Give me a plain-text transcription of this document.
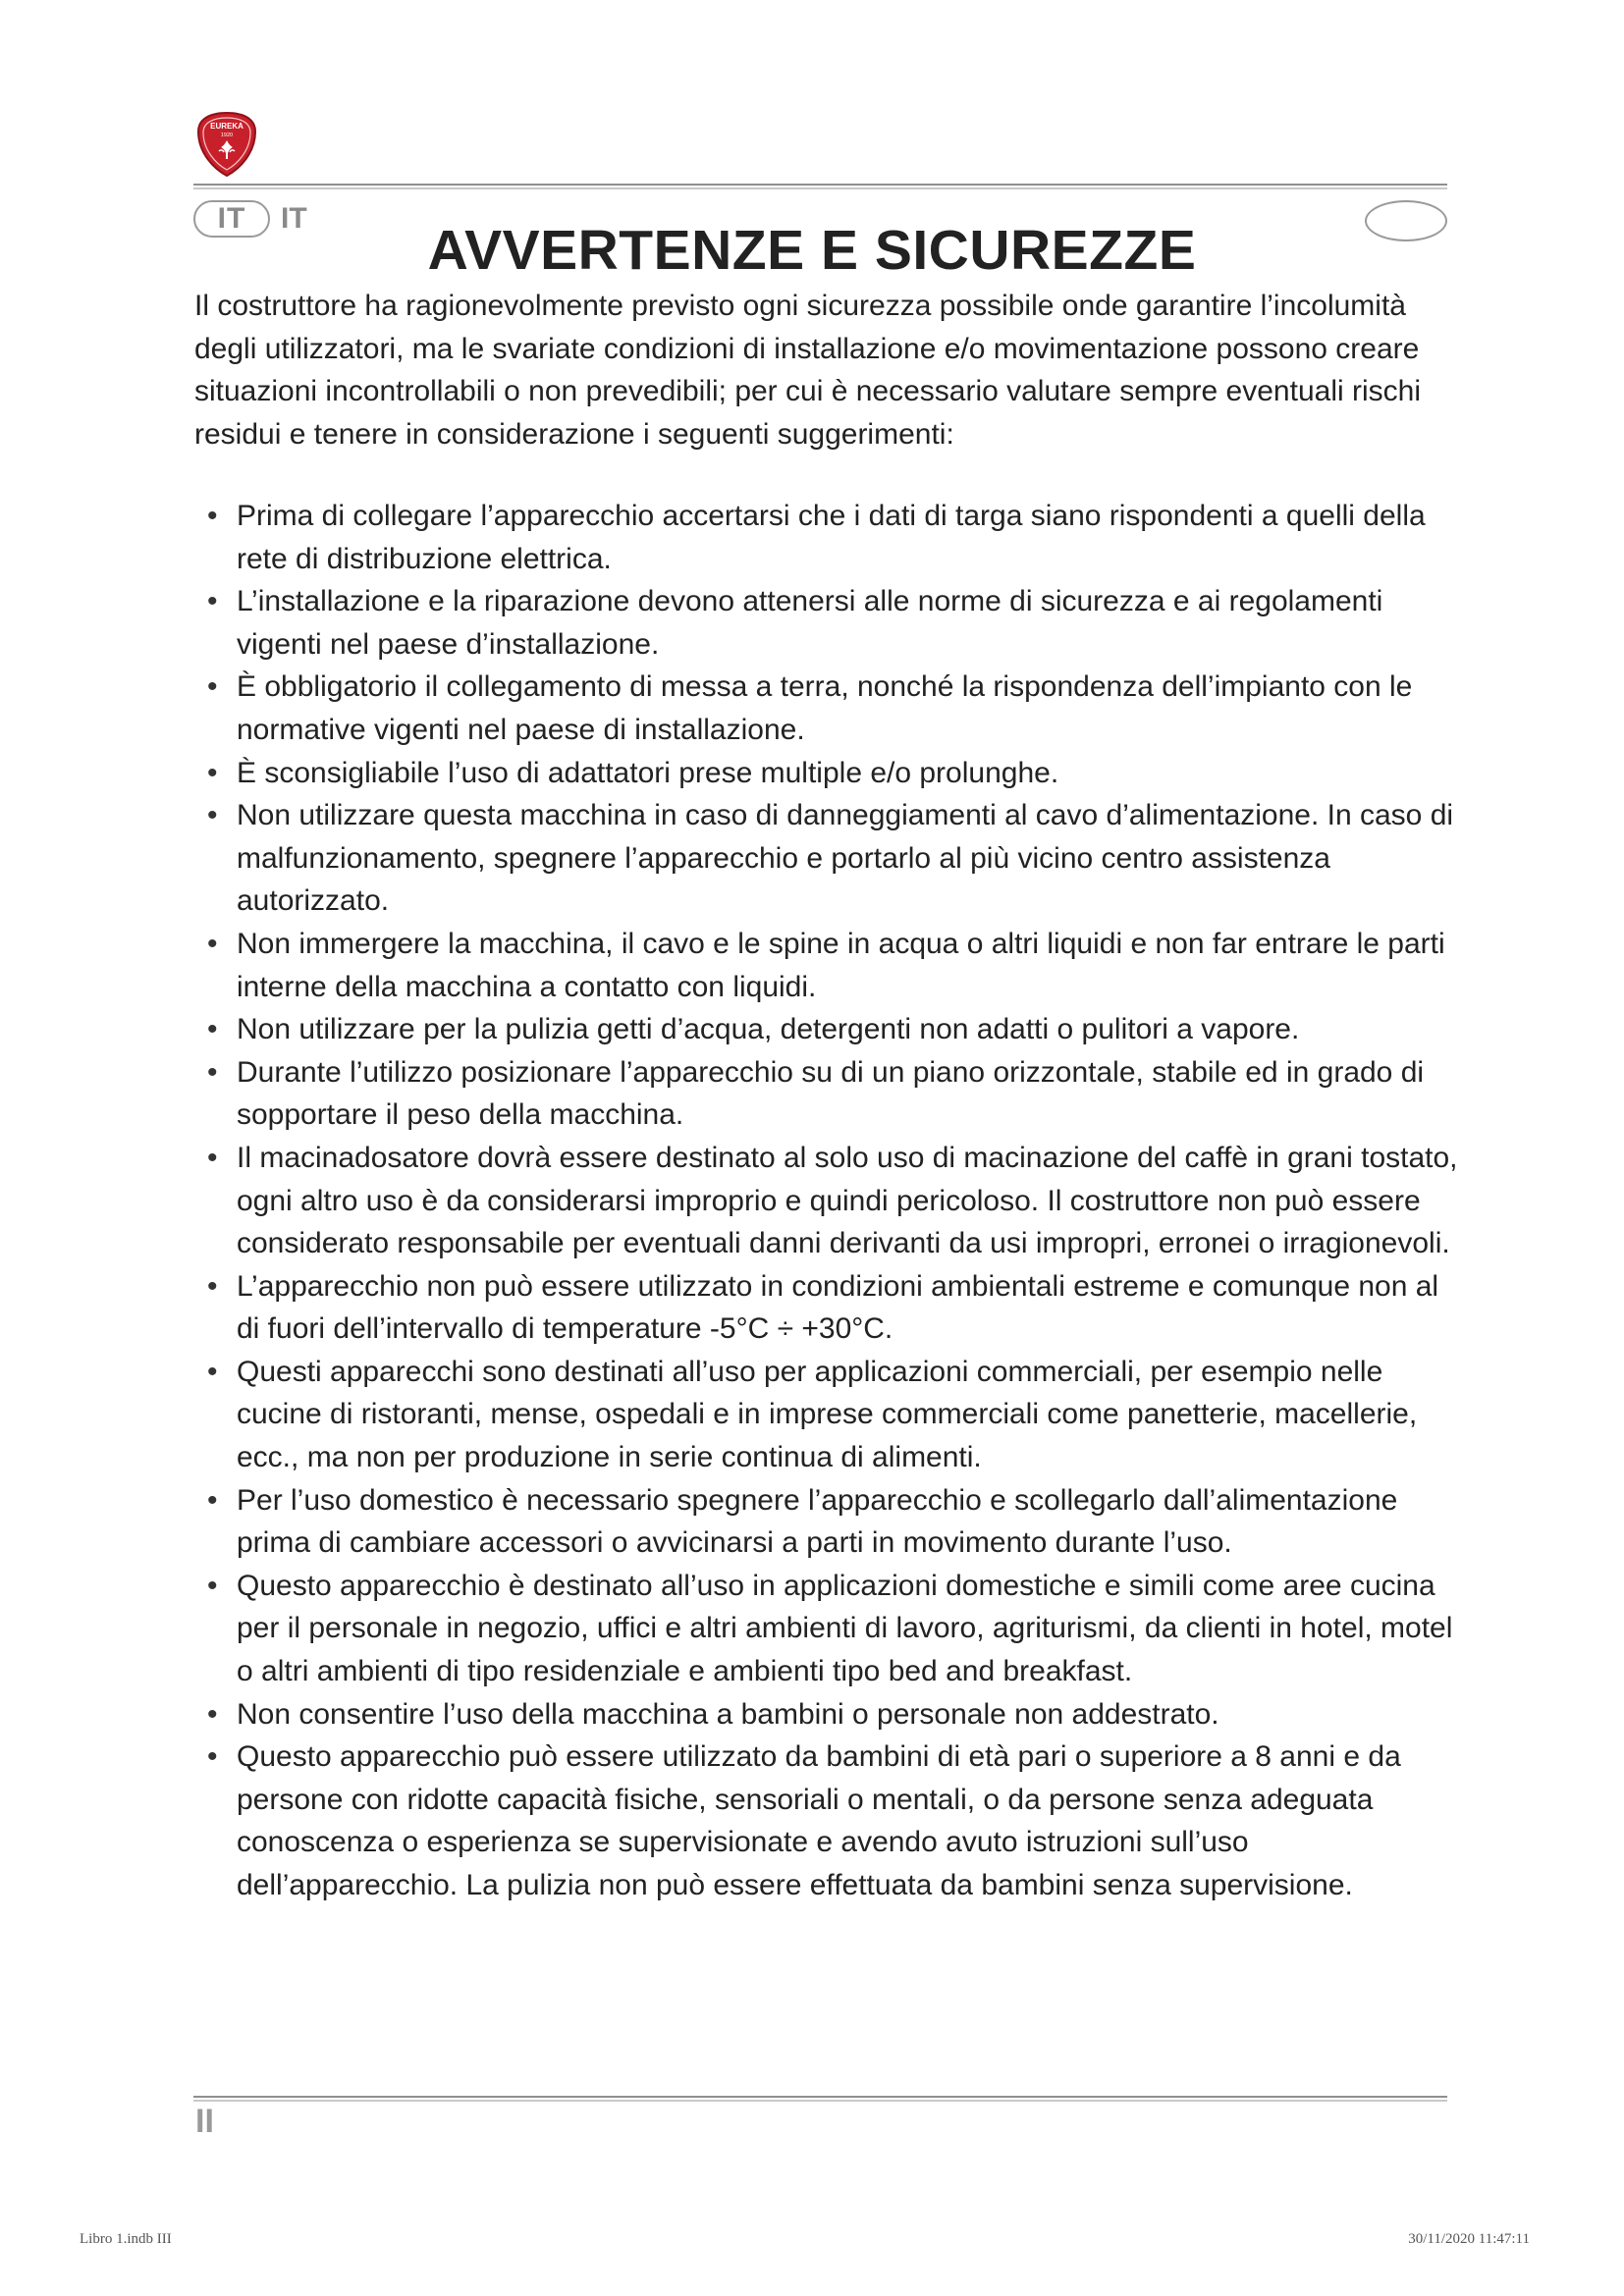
EUREKA
1920
IT IT
AVVERTENZE E SICUREZZE

Il costruttore ha ragionevolmente previsto ogni sicurezza possibile onde garantire l’incolumità degli utilizzatori, ma le svariate condizioni di installazione e/o movimentazione possono creare situazioni incontrollabili o non prevedibili; per cui è necessario valutare sempre eventuali rischi residui e tenere in considerazione i seguenti suggerimenti:

• Prima di collegare l’apparecchio accertarsi che i dati di targa siano rispondenti a quelli della rete di distribuzione elettrica.
• L’installazione e la riparazione devono attenersi alle norme di sicurezza e ai regolamenti vigenti nel paese d’installazione.
• È obbligatorio il collegamento di messa a terra, nonché la rispondenza dell’impianto con le normative vigenti nel paese di installazione.
• È sconsigliabile l’uso di adattatori prese multiple e/o prolunghe.
• Non utilizzare questa macchina in caso di danneggiamenti al cavo d’alimentazione. In caso di malfunzionamento, spegnere l’apparecchio e portarlo al più vicino centro assistenza autorizzato.
• Non immergere la macchina, il cavo e le spine in acqua o altri liquidi e non far entrare le parti interne della macchina a contatto con liquidi.
• Non utilizzare per la pulizia getti d’acqua, detergenti non adatti o pulitori a vapore.
• Durante l’utilizzo posizionare l’apparecchio su di un piano orizzontale, stabile ed in grado di sopportare il peso della macchina.
• Il macinadosatore dovrà essere destinato al solo uso di macinazione del caffè in grani tostato, ogni altro uso è da considerarsi improprio e quindi pericoloso. Il costruttore non può essere considerato responsabile per eventuali danni derivanti da usi impropri, erronei o irragionevoli.
• L’apparecchio non può essere utilizzato in condizioni ambientali estreme e comunque non al di fuori dell’intervallo di temperature -5°C ÷ +30°C.
• Questi apparecchi sono destinati all’uso per applicazioni commerciali, per esempio nelle cucine di ristoranti, mense, ospedali e in imprese commerciali come panetterie, macellerie, ecc., ma non per produzione in serie continua di alimenti.
• Per l’uso domestico è necessario spegnere l’apparecchio e scollegarlo dall’alimentazione prima di cambiare accessori o avvicinarsi a parti in movimento durante l’uso.
• Questo apparecchio è destinato all’uso in applicazioni domestiche e simili come aree cucina per il personale in negozio, uffici e altri ambienti di lavoro, agriturismi, da clienti in hotel, motel o altri ambienti di tipo residenziale e ambienti tipo bed and breakfast.
• Non consentire l’uso della macchina a bambini o personale non addestrato.
• Questo apparecchio può essere utilizzato da bambini di età pari o superiore a 8 anni e da persone con ridotte capacità fisiche, sensoriali o mentali, o da persone senza adeguata conoscenza o esperienza se supervisionate e avendo avuto istruzioni sull’uso dell’apparecchio. La pulizia non può essere effettuata da bambini senza supervisione.
II
Libro 1.indb III	30/11/2020 11:47:11
